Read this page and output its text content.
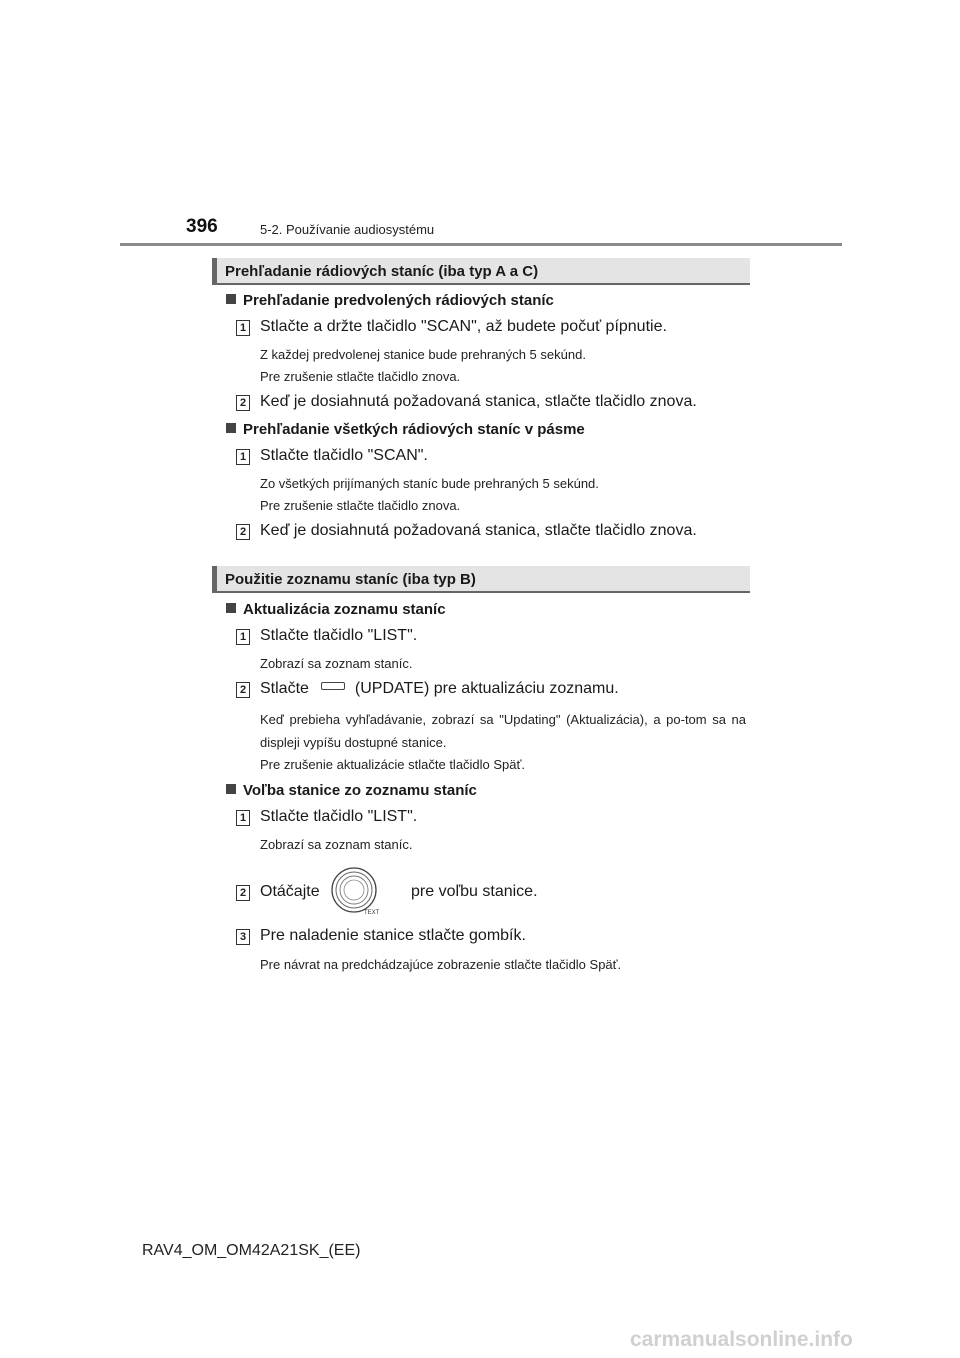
396	5-2. Používanie audiosystému
Prehľadanie rádiových staníc (iba typ A a C)
Prehľadanie predvolených rádiových staníc
1 Stlačte a držte tlačidlo "SCAN", až budete počuť pípnutie.
Z každej predvolenej stanice bude prehraných 5 sekúnd.
Pre zrušenie stlačte tlačidlo znova.
2 Keď je dosiahnutá požadovaná stanica, stlačte tlačidlo znova.
Prehľadanie všetkých rádiových staníc v pásme
1 Stlačte tlačidlo "SCAN".
Zo všetkých prijímaných staníc bude prehraných 5 sekúnd.
Pre zrušenie stlačte tlačidlo znova.
2 Keď je dosiahnutá požadovaná stanica, stlačte tlačidlo znova.
Použitie zoznamu staníc (iba typ B)
Aktualizácia zoznamu staníc
1 Stlačte tlačidlo "LIST".
Zobrazí sa zoznam staníc.
2 Stlačte	(UPDATE) pre aktualizáciu zoznamu.
Keď prebieha vyhľadávanie, zobrazí sa "Updating" (Aktualizácia), a po-tom sa na displeji vypíšu dostupné stanice.
Pre zrušenie aktualizácie stlačte tlačidlo Späť.
Voľba stanice zo zoznamu staníc
1 Stlačte tlačidlo "LIST".
Zobrazí sa zoznam staníc.
2 Otáčajte
TEXT
pre voľbu stanice.
3 Pre naladenie stanice stlačte gombík.
Pre návrat na predchádzajúce zobrazenie stlačte tlačidlo Späť.
RAV4_OM_OM42A21SK_(EE)
carmanualsonline.info
